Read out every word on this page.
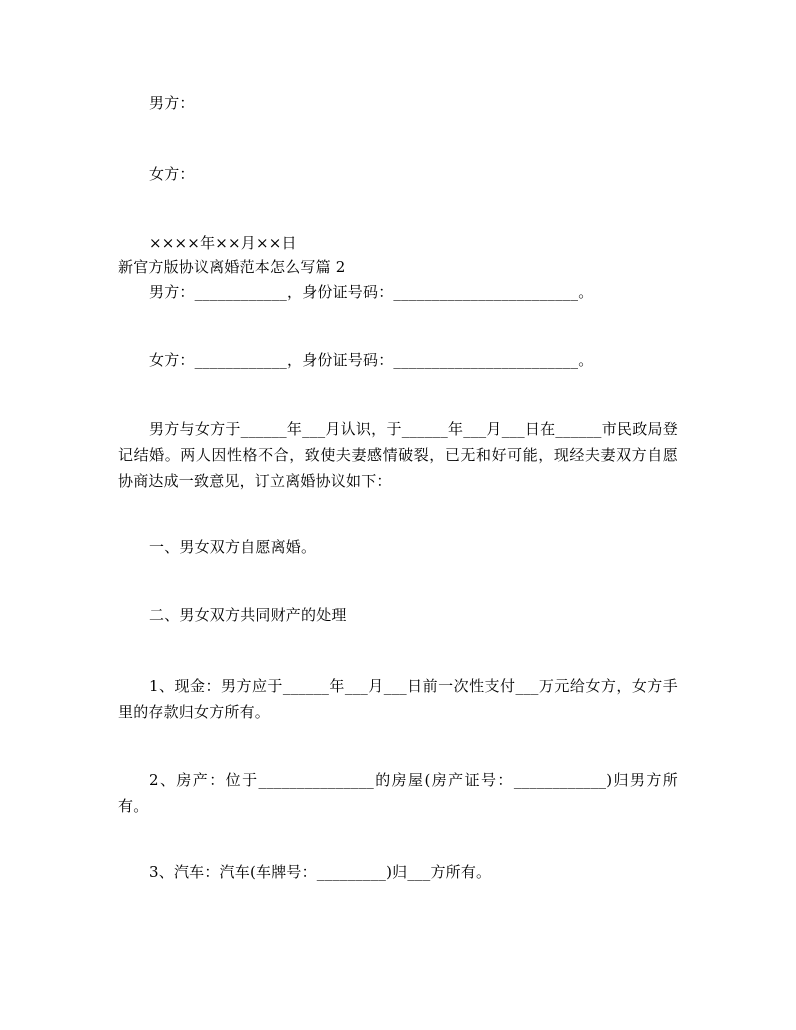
男方：
女方：
××××年××月××日
新官方版协议离婚范本怎么写篇 2
男方：____________，身份证号码：________________________。
女方：____________，身份证号码：________________________。
男方与女方于______年___月认识，于______年___月___日在______市民政局登记结婚。两人因性格不合，致使夫妻感情破裂，已无和好可能，现经夫妻双方自愿协商达成一致意见，订立离婚协议如下：
一、男女双方自愿离婚。
二、男女双方共同财产的处理
1、现金：男方应于______年___月___日前一次性支付___万元给女方，女方手里的存款归女方所有。
2、房产：位于_______________的房屋(房产证号：____________)归男方所有。
3、汽车：汽车(车牌号：_________)归___方所有。
